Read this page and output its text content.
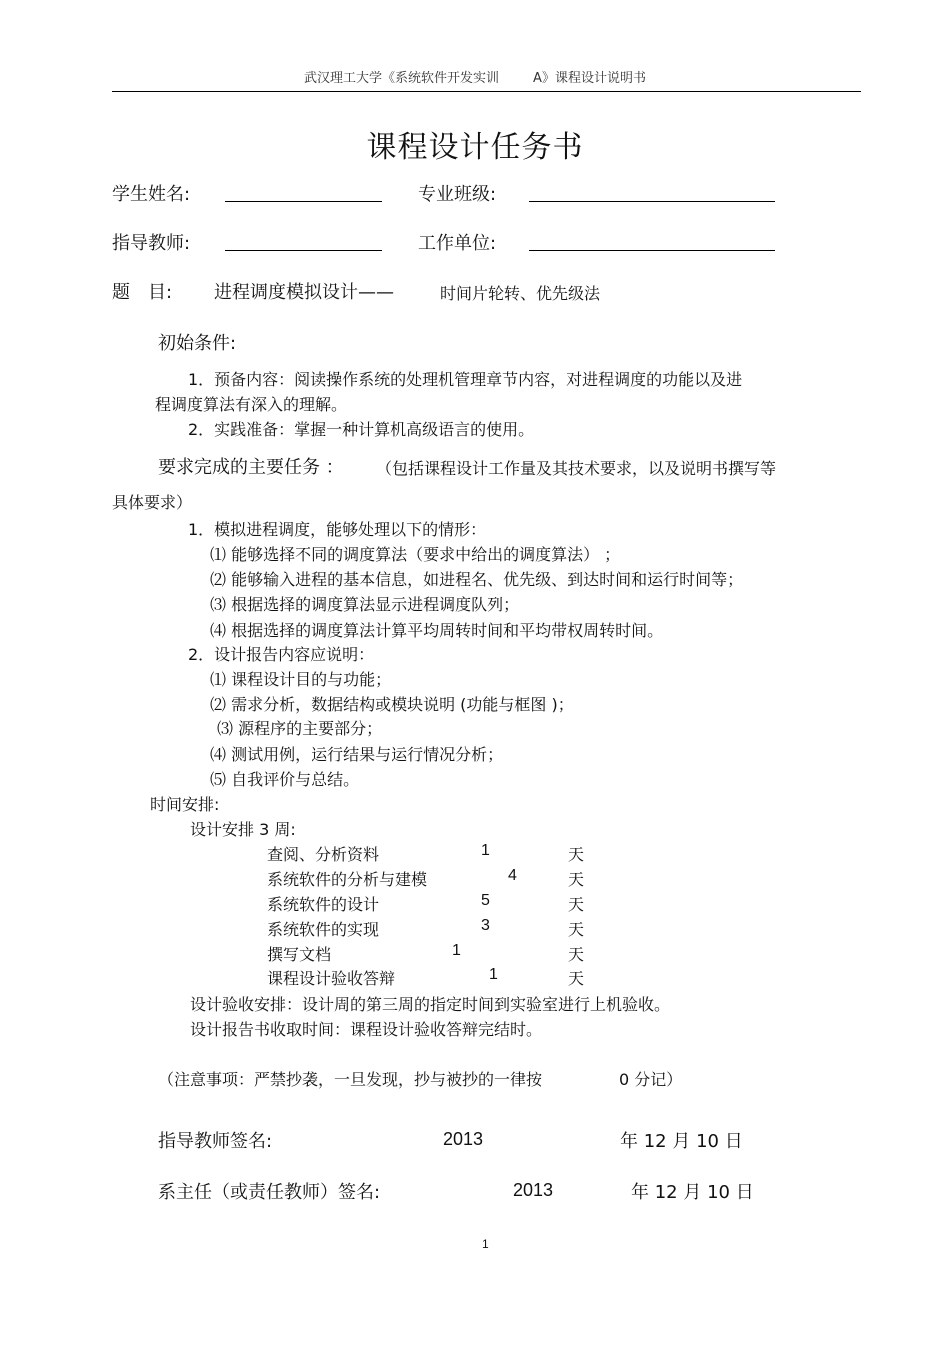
武汉理工大学《系统软件开发实训	A》课程设计说明书
课程设计任务书
学生姓名:	专业班级:
指导教师:	工作单位:
题　目: 进程调度模拟设计——	时间片轮转、优先级法
初始条件:
1．预备内容：阅读操作系统的处理机管理章节内容，对进程调度的功能以及进
程调度算法有深入的理解。
2．实践准备：掌握一种计算机高级语言的使用。
要求完成的主要任务 ： （包括课程设计工作量及其技术要求，以及说明书撰写等
具体要求）
1．模拟进程调度，能够处理以下的情形：
⑴ 能够选择不同的调度算法（要求中给出的调度算法） ；
⑵ 能够输入进程的基本信息，如进程名、优先级、到达时间和运行时间等；
⑶ 根据选择的调度算法显示进程调度队列；
⑷ 根据选择的调度算法计算平均周转时间和平均带权周转时间。
2．设计报告内容应说明：
⑴ 课程设计目的与功能；
⑵ 需求分析，数据结构或模块说明 (功能与框图 )；
⑶ 源程序的主要部分；
⑷ 测试用例，运行结果与运行情况分析；
⑸ 自我评价与总结。
时间安排:
设计安排 3 周:
查阅、分析资料	1	天
系统软件的分析与建模	4	天
系统软件的设计	5	天
系统软件的实现	3	天
撰写文档	1	天
课程设计验收答辩	1	天
设计验收安排：设计周的第三周的指定时间到实验室进行上机验收。
设计报告书收取时间：课程设计验收答辩完结时。
（注意事项：严禁抄袭，一旦发现，抄与被抄的一律按	0 分记）
指导教师签名:	2013	年 12 月 10 日
系主任（或责任教师）签名:	2013	年 12 月 10 日
1
